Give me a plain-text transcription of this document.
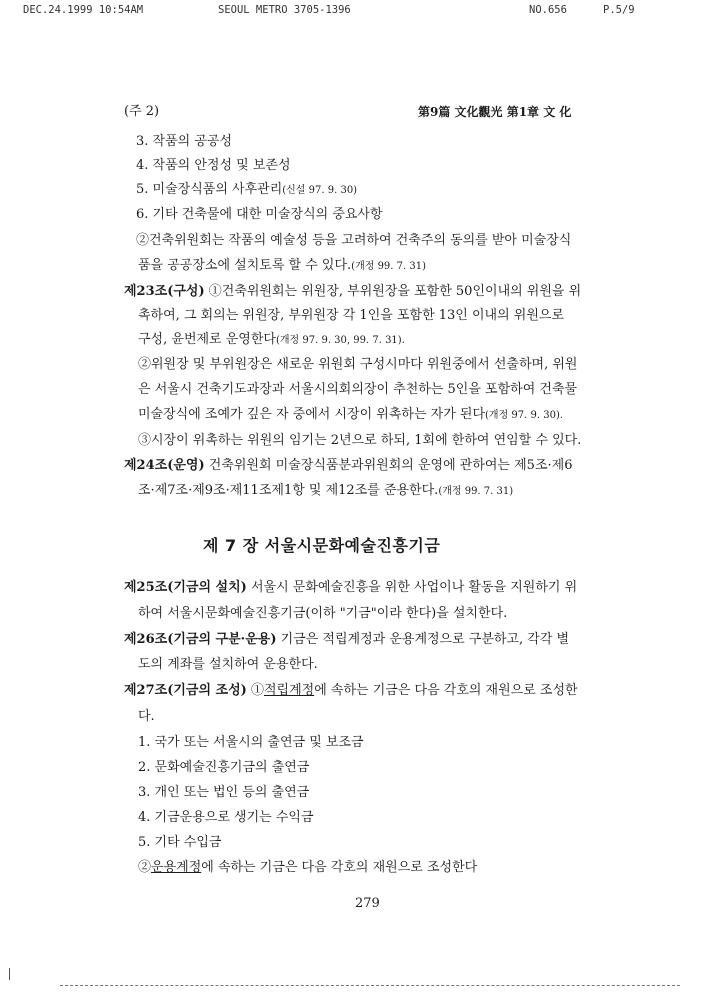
DEC.24.1999 10:54AM	SEOUL METRO 3705-1396	NO.656	P.5/9
(주 2)	第9篇 文化觀光 第1章 文 化
3. 작품의 공공성
4. 작품의 안정성 및 보존성
5. 미술장식품의 사후관리(신설 97. 9. 30)
6. 기타 건축물에 대한 미술장식의 중요사항
②건축위원회는 작품의 예술성 등을 고려하여 건축주의 동의를 받아 미술장식
품을 공공장소에 설치토록 할 수 있다.(개정 99. 7. 31)
제23조(구성) ①건축위원회는 위원장, 부위원장을 포함한 50인이내의 위원을 위
촉하여, 그 회의는 위원장, 부위원장 각 1인을 포함한 13인 이내의 위원으로
구성, 윤번제로 운영한다(개정 97. 9. 30, 99. 7. 31).
②위원장 및 부위원장은 새로운 위원회 구성시마다 위원중에서 선출하며, 위원
은 서울시 건축기도과장과 서울시의회의장이 추천하는 5인을 포함하여 건축물
미술장식에 조예가 깊은 자 중에서 시장이 위촉하는 자가 된다(개정 97. 9. 30).
③시장이 위촉하는 위원의 임기는 2년으로 하되, 1회에 한하여 연임할 수 있다.
제24조(운영) 건축위원회 미술장식품분과위원회의 운영에 관하여는 제5조·제6
조·제7조·제9조·제11조제1항 및 제12조를 준용한다.(개정 99. 7. 31)
제 7 장 서울시문화예술진흥기금
제25조(기금의 설치) 서울시 문화예술진흥을 위한 사업이나 활동을 지원하기 위
하여 서울시문화예술진흥기금(이하 "기금"이라 한다)을 설치한다.
제26조(기금의 구분·운용) 기금은 적립계정과 운용계정으로 구분하고, 각각 별
도의 계좌를 설치하여 운용한다.
제27조(기금의 조성) ①적립계정에 속하는 기금은 다음 각호의 재원으로 조성한
다.
1. 국가 또는 서울시의 출연금 및 보조금
2. 문화예술진흥기금의 출연금
3. 개인 또는 법인 등의 출연금
4. 기금운용으로 생기는 수익금
5. 기타 수입금
②운용계정에 속하는 기금은 다음 각호의 재원으로 조성한다
279
